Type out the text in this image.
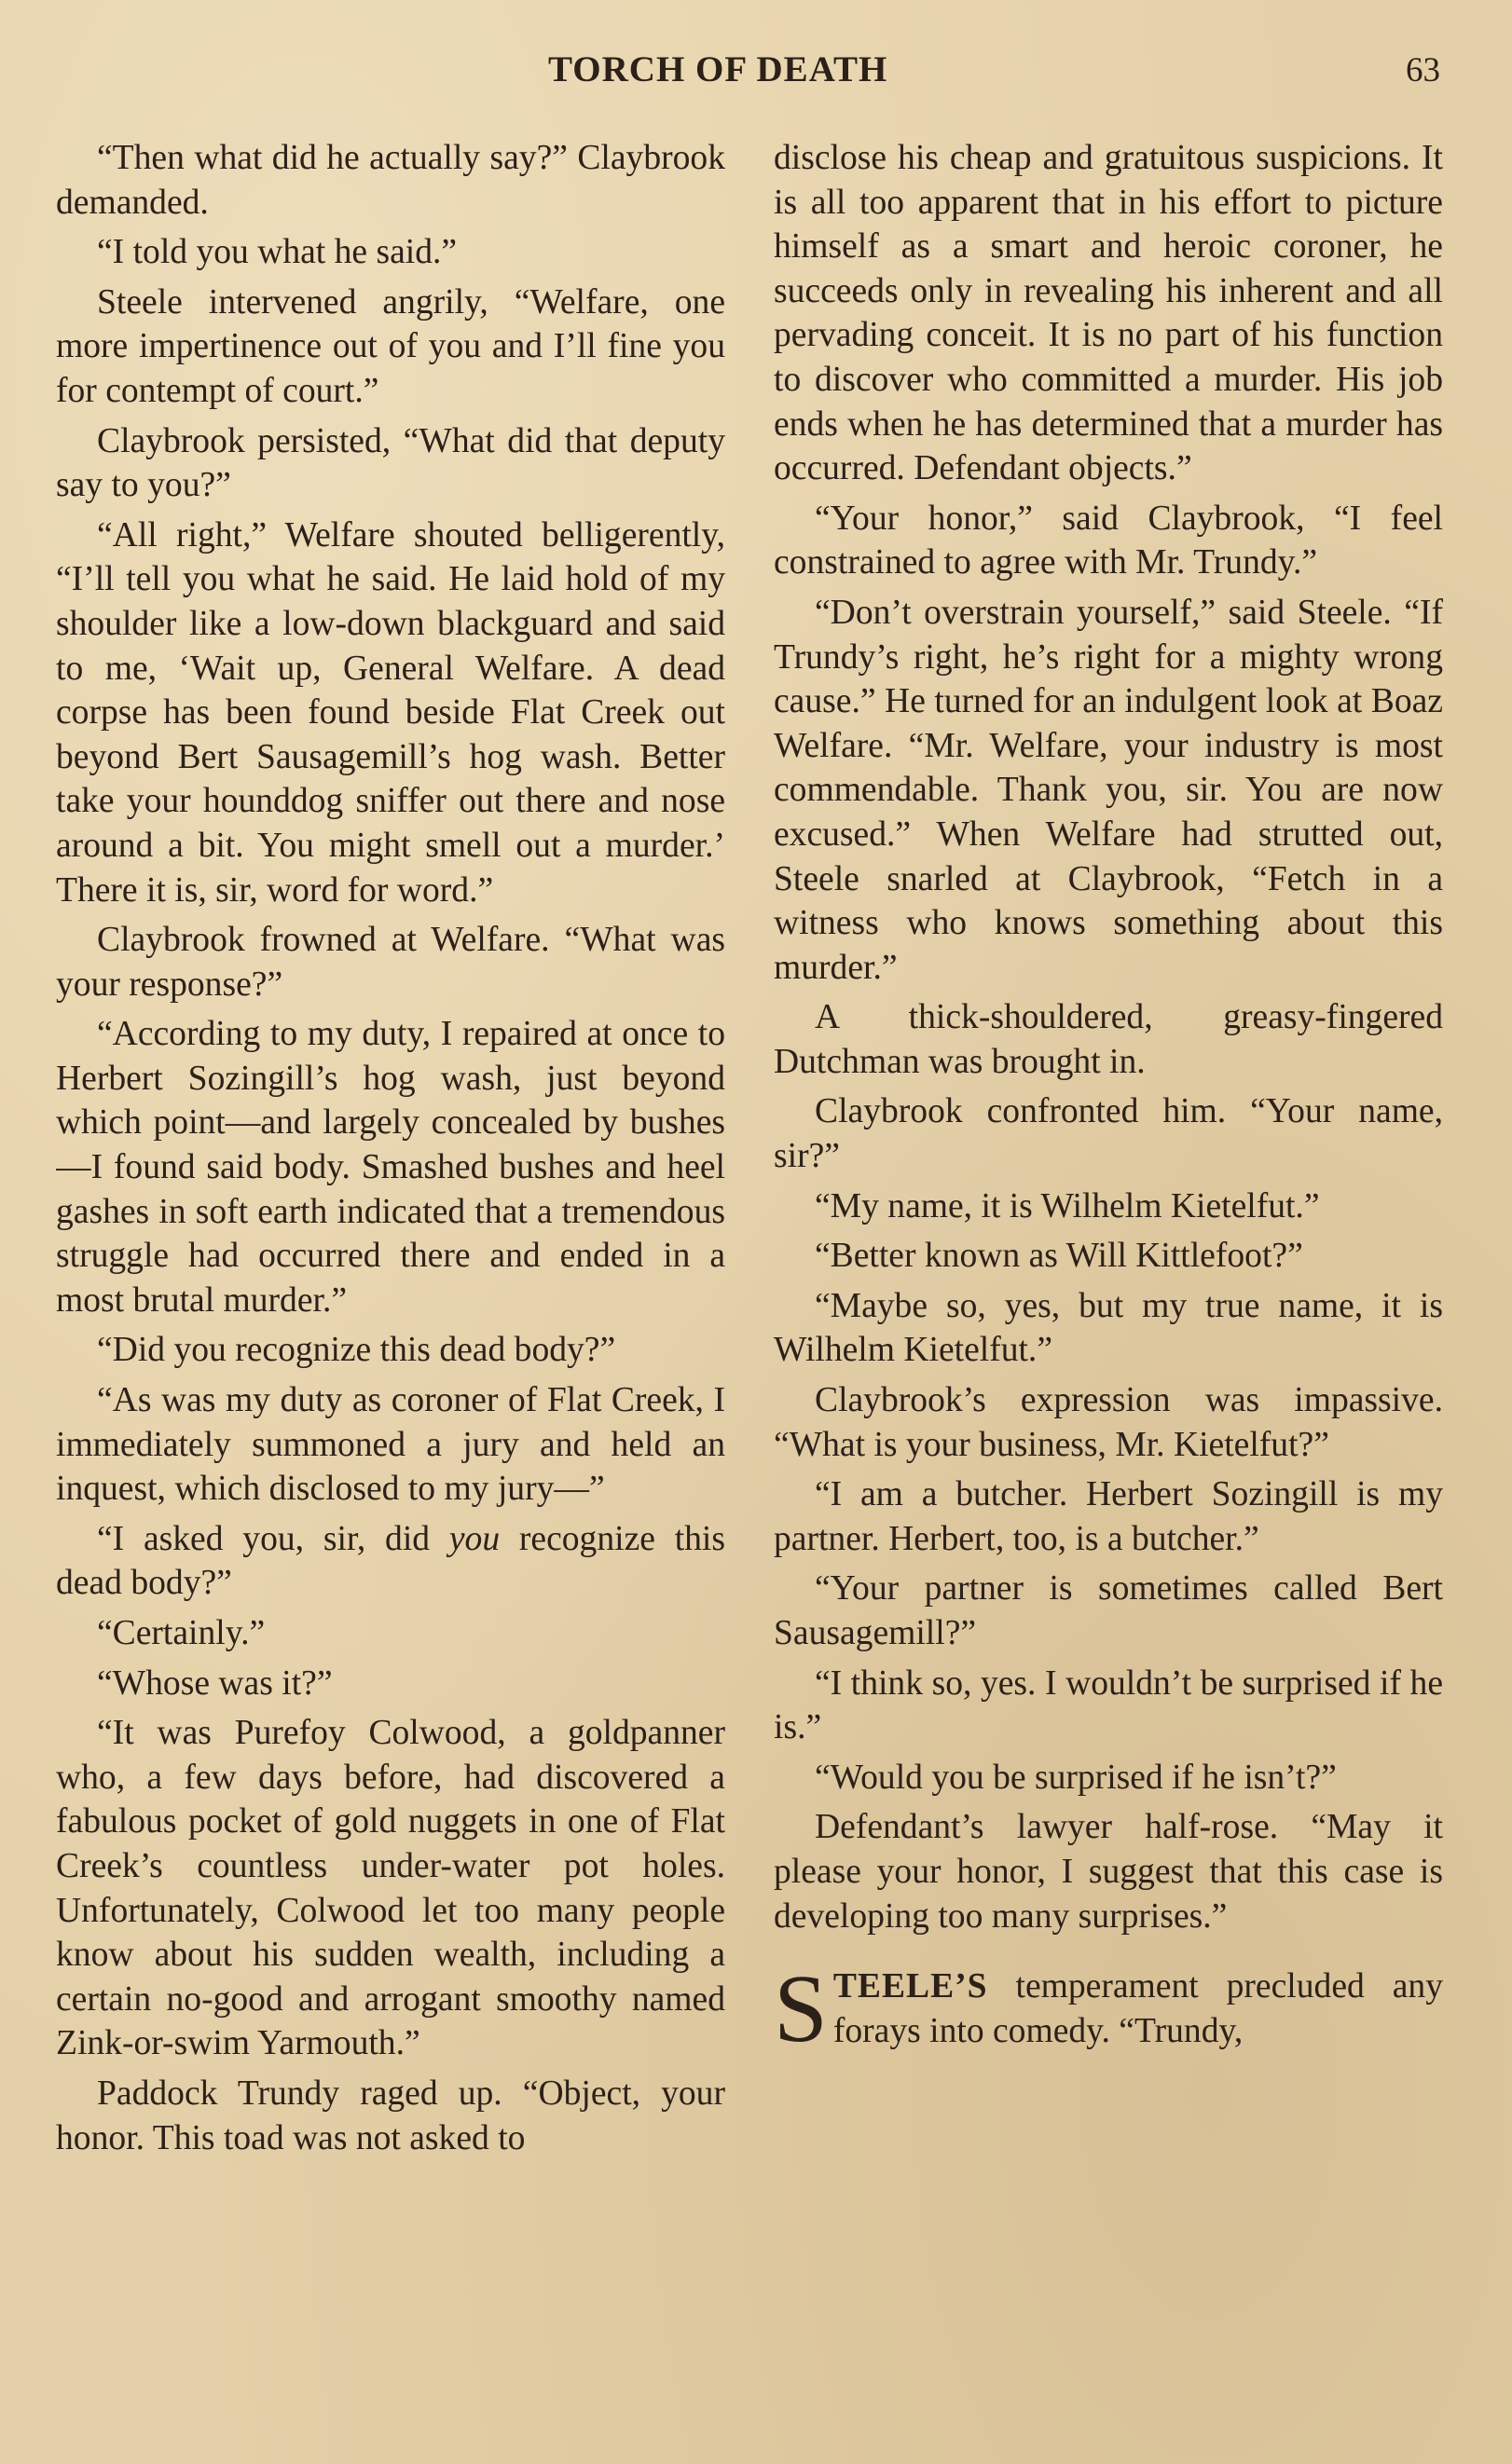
TORCH OF DEATH	63

“Then what did he actually say?” Claybrook demanded.

“I told you what he said.”

Steele intervened angrily, “Welfare, one more impertinence out of you and I’ll fine you for contempt of court.”

Claybrook persisted, “What did that deputy say to you?”

“All right,” Welfare shouted belligerently, “I’ll tell you what he said. He laid hold of my shoulder like a low-down blackguard and said to me, ‘Wait up, General Welfare. A dead corpse has been found beside Flat Creek out beyond Bert Sausagemill’s hog wash. Better take your hounddog sniffer out there and nose around a bit. You might smell out a murder.’ There it is, sir, word for word.”

Claybrook frowned at Welfare. “What was your response?”

“According to my duty, I repaired at once to Herbert Sozingill’s hog wash, just beyond which point—and largely concealed by bushes—I found said body. Smashed bushes and heel gashes in soft earth indicated that a tremendous struggle had occurred there and ended in a most brutal murder.”

“Did you recognize this dead body?”

“As was my duty as coroner of Flat Creek, I immediately summoned a jury and held an inquest, which disclosed to my jury—”

“I asked you, sir, did you recognize this dead body?”

“Certainly.”

“Whose was it?”

“It was Purefoy Colwood, a goldpanner who, a few days before, had discovered a fabulous pocket of gold nuggets in one of Flat Creek’s countless under-water pot holes. Unfortunately, Colwood let too many people know about his sudden wealth, including a certain no-good and arrogant smoothy named Zink-or-swim Yarmouth.”

Paddock Trundy raged up. “Object, your honor. This toad was not asked to

disclose his cheap and gratuitous suspicions. It is all too apparent that in his effort to picture himself as a smart and heroic coroner, he succeeds only in revealing his inherent and all pervading conceit. It is no part of his function to discover who committed a murder. His job ends when he has determined that a murder has occurred. Defendant objects.”

“Your honor,” said Claybrook, “I feel constrained to agree with Mr. Trundy.”

“Don’t overstrain yourself,” said Steele. “If Trundy’s right, he’s right for a mighty wrong cause.” He turned for an indulgent look at Boaz Welfare. “Mr. Welfare, your industry is most commendable. Thank you, sir. You are now excused.” When Welfare had strutted out, Steele snarled at Claybrook, “Fetch in a witness who knows something about this murder.”

A thick-shouldered, greasy-fingered Dutchman was brought in.

Claybrook confronted him. “Your name, sir?”

“My name, it is Wilhelm Kietelfut.”

“Better known as Will Kittlefoot?”

“Maybe so, yes, but my true name, it is Wilhelm Kietelfut.”

Claybrook’s expression was impassive. “What is your business, Mr. Kietelfut?”

“I am a butcher. Herbert Sozingill is my partner. Herbert, too, is a butcher.”

“Your partner is sometimes called Bert Sausagemill?”

“I think so, yes. I wouldn’t be surprised if he is.”

“Would you be surprised if he isn’t?”

Defendant’s lawyer half-rose. “May it please your honor, I suggest that this case is developing too many surprises.”

STEELE’S temperament precluded any forays into comedy. “Trundy,
